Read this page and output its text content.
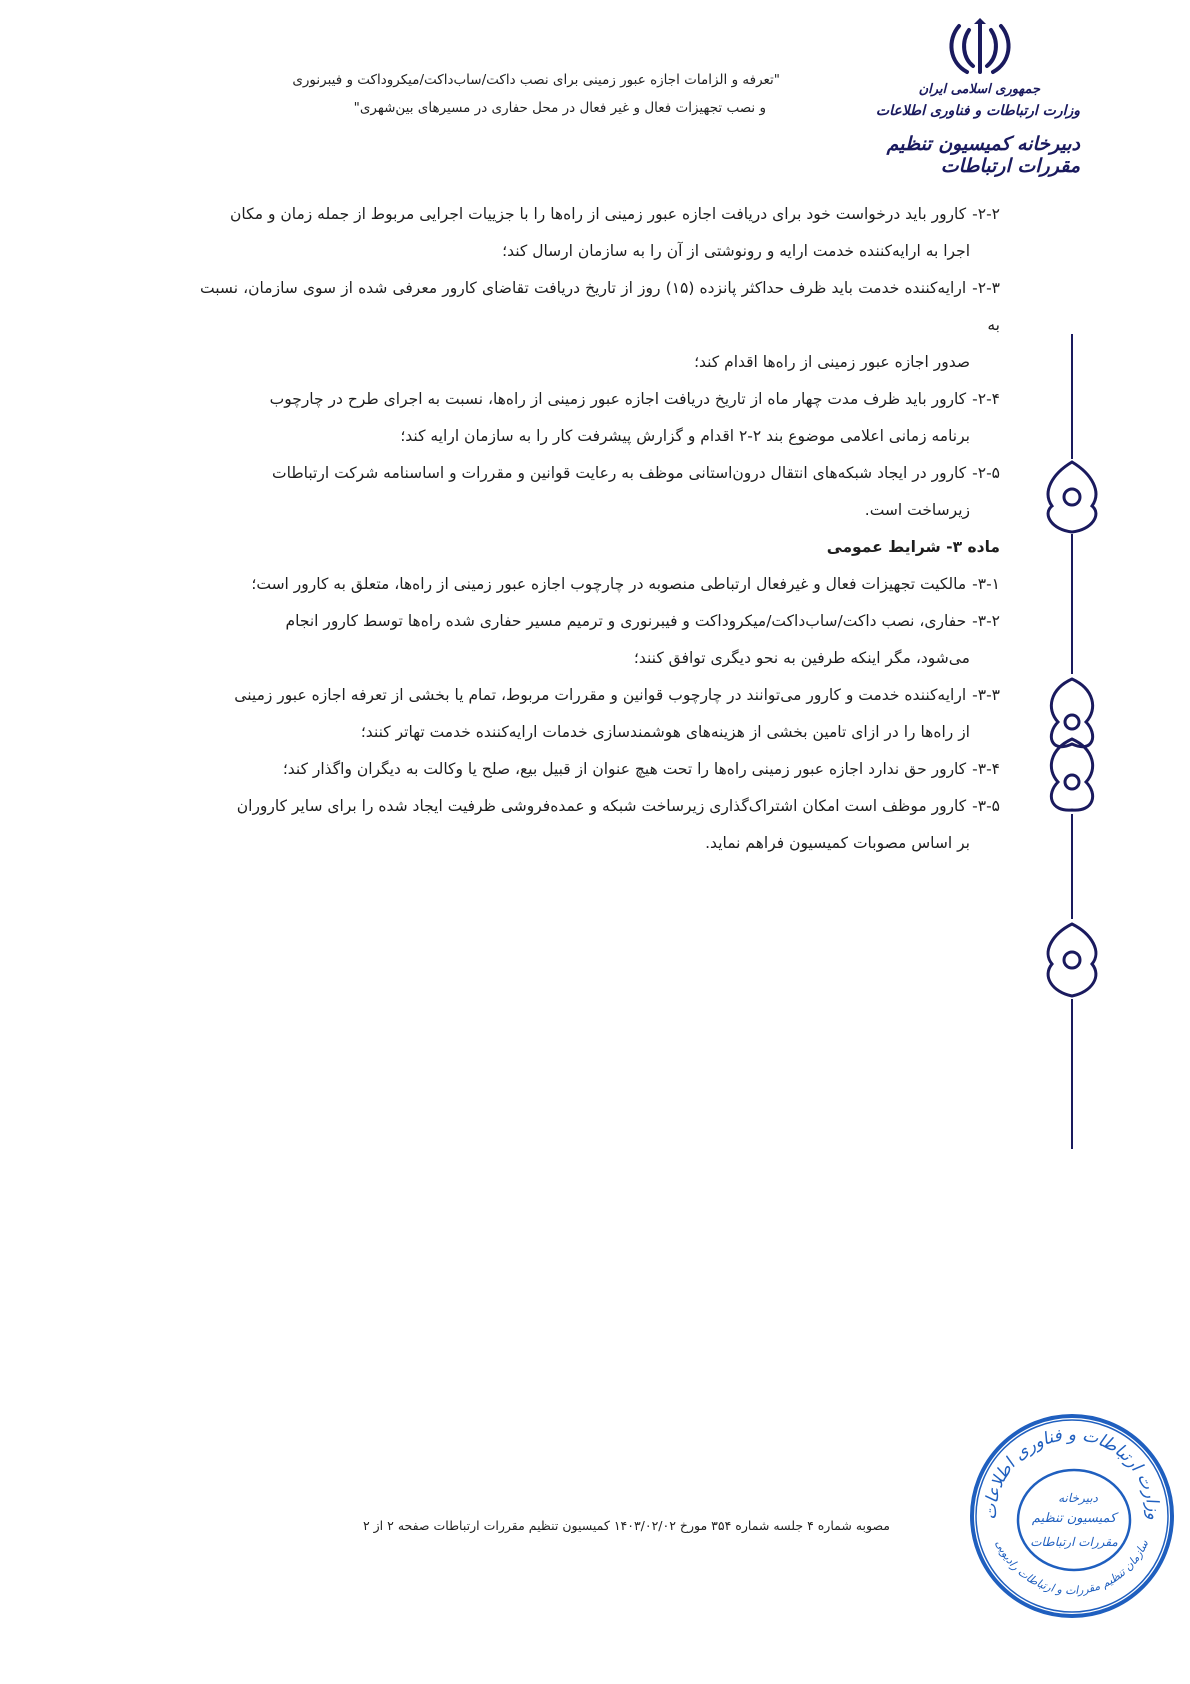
جمهوری اسلامی ایران
وزارت ارتباطات و فناوری اطلاعات
دبیرخانه کمیسیون تنظیم مقررات ارتباطات
"تعرفه و الزامات اجازه عبور زمینی برای نصب داکت/ساب‌داکت/میکروداکت و فیبرنوری
و نصب تجهیزات فعال و غیر فعال در محل حفاری در مسیرهای بین‌شهری"
۲-۲-کارور باید درخواست خود برای دریافت اجازه عبور زمینی از راه‌ها را با جزییات اجرایی مربوط از جمله زمان و مکان
اجرا به ارایه‌کننده خدمت ارایه و رونوشتی از آن را به سازمان ارسال کند؛
۲-۳-ارایه‌کننده خدمت باید ظرف حداکثر پانزده (۱۵) روز از تاریخ دریافت تقاضای کارور معرفی شده از سوی سازمان، نسبت به
صدور اجازه عبور زمینی از راه‌ها اقدام کند؛
۲-۴-کارور باید ظرف مدت چهار ماه از تاریخ دریافت اجازه عبور زمینی از راه‌ها، نسبت به اجرای طرح در چارچوب
برنامه زمانی اعلامی موضوع بند ۲-۲ اقدام و گزارش پیشرفت کار را به سازمان ارایه کند؛
۲-۵-کارور در ایجاد شبکه‌های انتقال درون‌استانی موظف به رعایت قوانین و مقررات و اساسنامه شرکت ارتباطات
زیرساخت است.
ماده ۳- شرایط عمومی
۳-۱-مالکیت تجهیزات فعال و غیرفعال ارتباطی منصوبه در چارچوب اجازه عبور زمینی از راه‌ها، متعلق به کارور است؛
۳-۲-حفاری، نصب داکت/ساب‌داکت/میکروداکت و فیبرنوری و ترمیم مسیر حفاری شده راه‌ها توسط کارور انجام
می‌شود، مگر اینکه طرفین به نحو دیگری توافق کنند؛
۳-۳-ارایه‌کننده خدمت و کارور می‌توانند در چارچوب قوانین و مقررات مربوط، تمام یا بخشی از تعرفه اجازه عبور زمینی
از راه‌ها را در ازای تامین بخشی از هزینه‌های هوشمندسازی خدمات ارایه‌کننده خدمت تهاتر کنند؛
۳-۴-کارور حق ندارد اجازه عبور زمینی راه‌ها را تحت هیچ عنوان از قبیل بیع، صلح یا وکالت به دیگران واگذار کند؛
۳-۵-کارور موظف است امکان اشتراک‌گذاری زیرساخت شبکه و عمده‌فروشی ظرفیت ایجاد شده را برای سایر کاروران
بر اساس مصوبات کمیسیون فراهم نماید.
مصوبه شماره ۴ جلسه شماره ۳۵۴ مورخ ۱۴۰۳/۰۲/۰۲ کمیسیون تنظیم مقررات ارتباطات صفحه ۲ از ۲
وزارت ارتباطات و فناوری اطلاعات
سازمان تنظیم مقررات و ارتباطات رادیویی
دبیرخانه
کمیسیون تنظیم
مقررات ارتباطات
